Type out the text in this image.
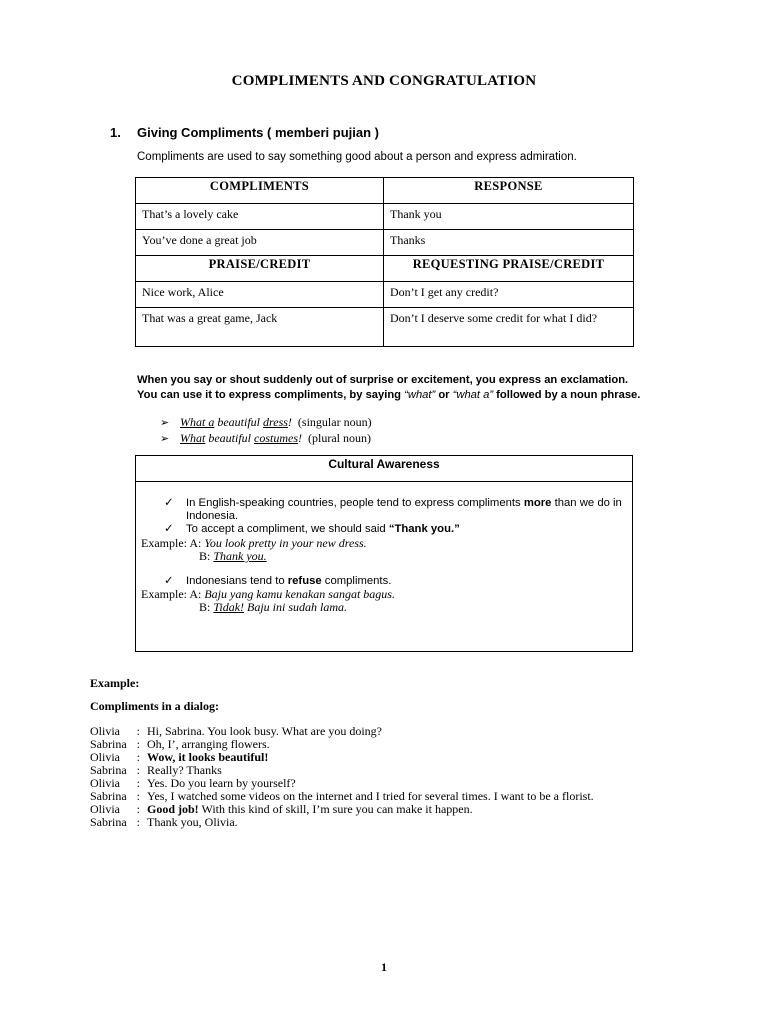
COMPLIMENTS AND CONGRATULATION
1. Giving Compliments ( memberi pujian )
Compliments are used to say something good about a person and express admiration.
COMPLIMENTS	RESPONSE
That’s a lovely cake	Thank you
You’ve done a great job	Thanks
PRAISE/CREDIT	REQUESTING PRAISE/CREDIT
Nice work, Alice	Don’t I get any credit?
That was a great game, Jack	Don’t I deserve some credit for what I did?
When you say or shout suddenly out of surprise or excitement, you express an exclamation.
You can use it to express compliments, by saying “what” or “what a” followed by a noun phrase.
➢ What a beautiful dress!  (singular noun)
➢ What beautiful costumes!  (plural noun)
Cultural Awareness
✓ In English-speaking countries, people tend to express compliments more than we do in Indonesia.
✓ To accept a compliment, we should said “Thank you.”
Example: A: You look pretty in your new dress.
B: Thank you.
✓ Indonesians tend to refuse compliments.
Example: A: Baju yang kamu kenakan sangat bagus.
B: Tidak! Baju ini sudah lama.
Example:
Compliments in a dialog:
Olivia : Hi, Sabrina. You look busy. What are you doing?
Sabrina : Oh, I’, arranging flowers.
Olivia : Wow, it looks beautiful!
Sabrina : Really? Thanks
Olivia : Yes. Do you learn by yourself?
Sabrina : Yes, I watched some videos on the internet and I tried for several times. I want to be a florist.
Olivia : Good job! With this kind of skill, I’m sure you can make it happen.
Sabrina : Thank you, Olivia.
1
